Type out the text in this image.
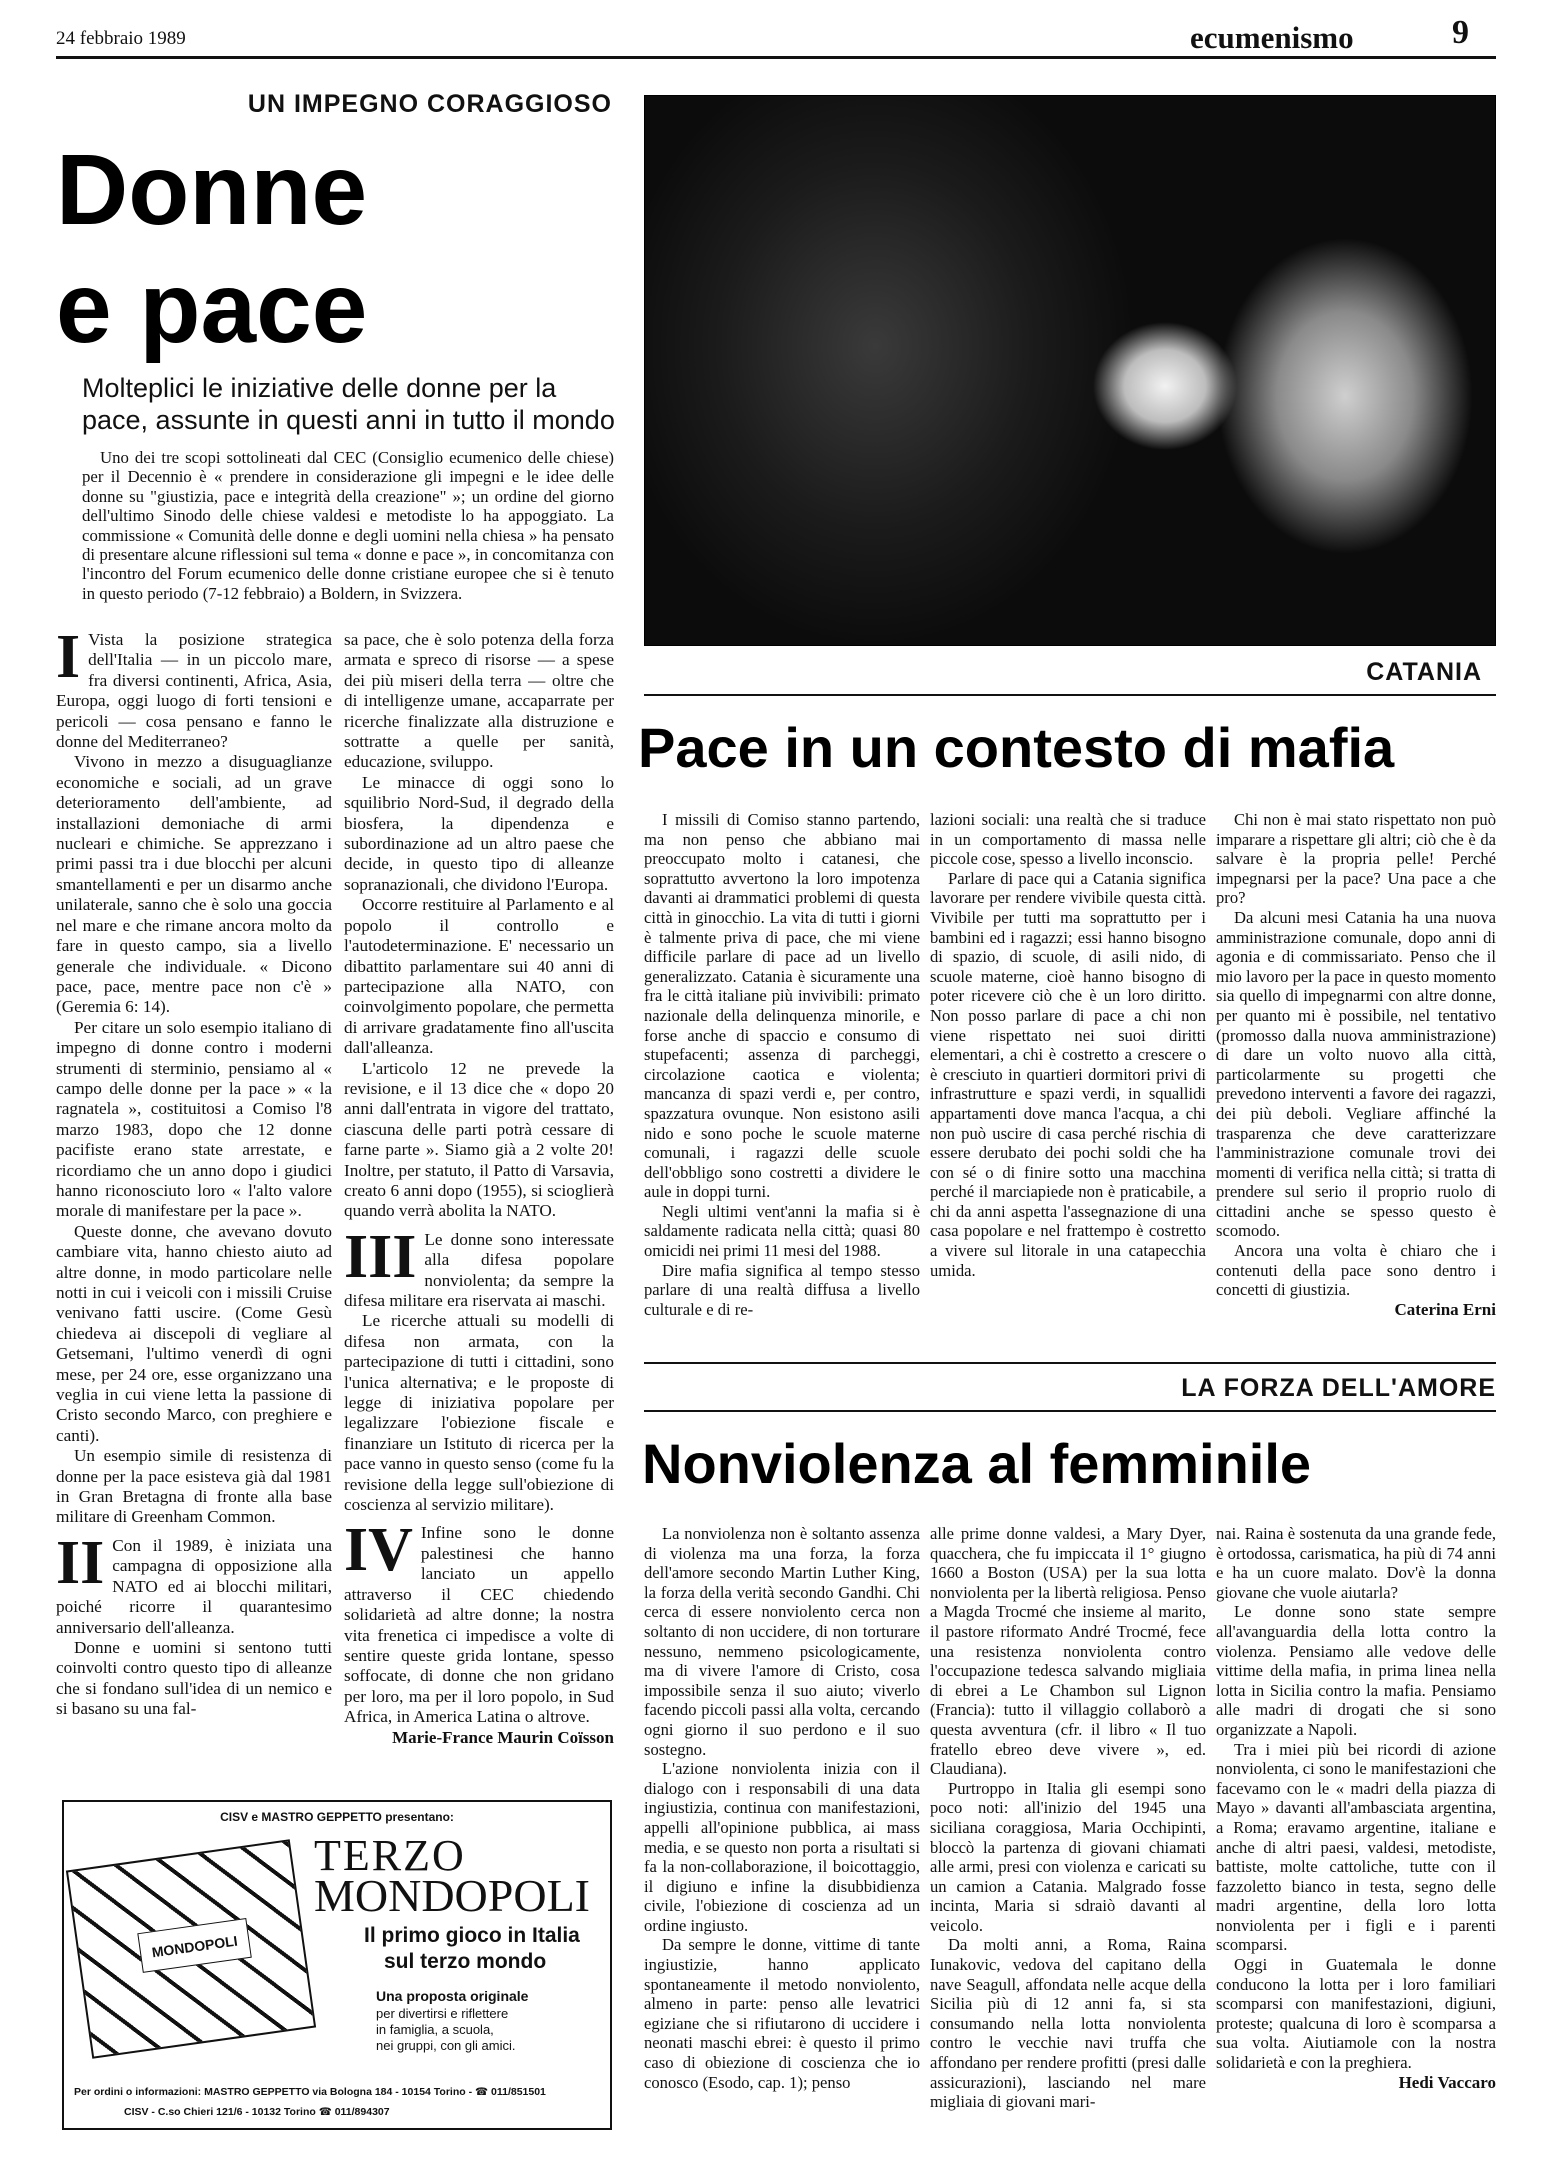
24 febbraio 1989	ecumenismo	9
UN IMPEGNO CORAGGIOSO
Donne
e pace
Molteplici le iniziative delle donne per la pace, assunte in questi anni in tutto il mondo

Uno dei tre scopi sottolineati dal CEC (Consiglio ecumenico delle chiese) per il Decennio è « prendere in considerazione gli impegni e le idee delle donne su "giustizia, pace e integrità della creazione" »; un ordine del giorno dell'ultimo Sinodo delle chiese valdesi e metodiste lo ha appoggiato. La commissione « Comunità delle donne e degli uomini nella chiesa » ha pensato di presentare alcune riflessioni sul tema « donne e pace », in concomitanza con l'incontro del Forum ecumenico delle donne cristiane europee che si è tenuto in questo periodo (7-12 febbraio) a Boldern, in Svizzera.

I Vista la posizione strategica dell'Italia — in un piccolo mare, fra diversi continenti, Africa, Asia, Europa, oggi luogo di forti tensioni e pericoli — cosa pensano e fanno le donne del Mediterraneo?

Vivono in mezzo a disuguaglianze economiche e sociali, ad un grave deterioramento dell'ambiente, ad installazioni demoniache di armi nucleari e chimiche. Se apprezzano i primi passi tra i due blocchi per alcuni smantellamenti e per un disarmo anche unilaterale, sanno che è solo una goccia nel mare e che rimane ancora molto da fare in questo campo, sia a livello generale che individuale. « Dicono pace, pace, mentre pace non c'è » (Geremia 6: 14).

Per citare un solo esempio italiano di impegno di donne contro i moderni strumenti di sterminio, pensiamo al « campo delle donne per la pace » « la ragnatela », costituitosi a Comiso l'8 marzo 1983, dopo che 12 donne pacifiste erano state arrestate, e ricordiamo che un anno dopo i giudici hanno riconosciuto loro « l'alto valore morale di manifestare per la pace ».

Queste donne, che avevano dovuto cambiare vita, hanno chiesto aiuto ad altre donne, in modo particolare nelle notti in cui i veicoli con i missili Cruise venivano fatti uscire. (Come Gesù chiedeva ai discepoli di vegliare al Getsemani, l'ultimo venerdì di ogni mese, per 24 ore, esse organizzano una veglia in cui viene letta la passione di Cristo secondo Marco, con preghiere e canti).

Un esempio simile di resistenza di donne per la pace esisteva già dal 1981 in Gran Bretagna di fronte alla base militare di Greenham Common.

II Con il 1989, è iniziata una campagna di opposizione alla NATO ed ai blocchi militari, poiché ricorre il quarantesimo anniversario dell'alleanza.

Donne e uomini si sentono tutti coinvolti contro questo tipo di alleanze che si fondano sull'idea di un nemico e si basano su una fal-

sa pace, che è solo potenza della forza armata e spreco di risorse — a spese dei più miseri della terra — oltre che di intelligenze umane, accaparrate per ricerche finalizzate alla distruzione e sottratte a quelle per sanità, educazione, sviluppo.

Le minacce di oggi sono lo squilibrio Nord-Sud, il degrado della biosfera, la dipendenza e subordinazione ad un altro paese che decide, in questo tipo di alleanze sopranazionali, che dividono l'Europa.

Occorre restituire al Parlamento e al popolo il controllo e l'autodeterminazione. E' necessario un dibattito parlamentare sui 40 anni di partecipazione alla NATO, con coinvolgimento popolare, che permetta di arrivare gradatamente fino all'uscita dall'alleanza.

L'articolo 12 ne prevede la revisione, e il 13 dice che « dopo 20 anni dall'entrata in vigore del trattato, ciascuna delle parti potrà cessare di farne parte ». Siamo già a 2 volte 20! Inoltre, per statuto, il Patto di Varsavia, creato 6 anni dopo (1955), si scioglierà quando verrà abolita la NATO.

III Le donne sono interessate alla difesa popolare nonviolenta; da sempre la difesa militare era riservata ai maschi.

Le ricerche attuali su modelli di difesa non armata, con la partecipazione di tutti i cittadini, sono l'unica alternativa; e le proposte di legge di iniziativa popolare per legalizzare l'obiezione fiscale e finanziare un Istituto di ricerca per la pace vanno in questo senso (come fu la revisione della legge sull'obiezione di coscienza al servizio militare).

IV Infine sono le donne palestinesi che hanno lanciato un appello attraverso il CEC chiedendo solidarietà ad altre donne; la nostra vita frenetica ci impedisce a volte di sentire queste grida lontane, spesso soffocate, di donne che non gridano per loro, ma per il loro popolo, in Sud Africa, in America Latina o altrove.

Marie-France Maurin Coïsson
CISV e MASTRO GEPPETTO presentano:
TERZO
MONDOPOLI
MONDOPOLI	Il primo gioco in Italia
sul terzo mondo
Una proposta originale
per divertirsi e riflettere
in famiglia, a scuola,
nei gruppi, con gli amici.
Per ordini o informazioni: MASTRO GEPPETTO via Bologna 184 - 10154 Torino - ☎ 011/851501
CISV - C.so Chieri 121/6 - 10132 Torino ☎ 011/894307
CATANIA
Pace in un contesto di mafia

I missili di Comiso stanno partendo, ma non penso che abbiano mai preoccupato molto i catanesi, che soprattutto avvertono la loro impotenza davanti ai drammatici problemi di questa città in ginocchio. La vita di tutti i giorni è talmente priva di pace, che mi viene difficile parlare di pace ad un livello generalizzato. Catania è sicuramente una fra le città italiane più invivibili: primato nazionale della delinquenza minorile, e forse anche di spaccio e consumo di stupefacenti; assenza di parcheggi, circolazione caotica e violenta; mancanza di spazi verdi e, per contro, spazzatura ovunque. Non esistono asili nido e sono poche le scuole materne comunali, i ragazzi delle scuole dell'obbligo sono costretti a dividere le aule in doppi turni.

Negli ultimi vent'anni la mafia si è saldamente radicata nella città; quasi 80 omicidi nei primi 11 mesi del 1988.

Dire mafia significa al tempo stesso parlare di una realtà diffusa a livello culturale e di re-

lazioni sociali: una realtà che si traduce in un comportamento di massa nelle piccole cose, spesso a livello inconscio.

Parlare di pace qui a Catania significa lavorare per rendere vivibile questa città. Vivibile per tutti ma soprattutto per i bambini ed i ragazzi; essi hanno bisogno di spazio, di scuole, di asili nido, di scuole materne, cioè hanno bisogno di poter ricevere ciò che è un loro diritto. Non posso parlare di pace a chi non viene rispettato nei suoi diritti elementari, a chi è costretto a crescere o è cresciuto in quartieri dormitori privi di infrastrutture e spazi verdi, in squallidi appartamenti dove manca l'acqua, a chi non può uscire di casa perché rischia di essere derubato dei pochi soldi che ha con sé o di finire sotto una macchina perché il marciapiede non è praticabile, a chi da anni aspetta l'assegnazione di una casa popolare e nel frattempo è costretto a vivere sul litorale in una catapecchia umida.

Chi non è mai stato rispettato non può imparare a rispettare gli altri; ciò che è da salvare è la propria pelle! Perché impegnarsi per la pace? Una pace a che pro?

Da alcuni mesi Catania ha una nuova amministrazione comunale, dopo anni di agonia e di commissariato. Penso che il mio lavoro per la pace in questo momento sia quello di impegnarmi con altre donne, per quanto mi è possibile, nel tentativo (promosso dalla nuova amministrazione) di dare un volto nuovo alla città, particolarmente su progetti che prevedono interventi a favore dei ragazzi, dei più deboli. Vegliare affinché la trasparenza che deve caratterizzare l'amministrazione comunale trovi dei momenti di verifica nella città; si tratta di prendere sul serio il proprio ruolo di cittadini anche se spesso questo è scomodo.

Ancora una volta è chiaro che i contenuti della pace sono dentro i concetti di giustizia.

Caterina Erni
LA FORZA DELL'AMORE
Nonviolenza al femminile

La nonviolenza non è soltanto assenza di violenza ma una forza, la forza dell'amore secondo Martin Luther King, la forza della verità secondo Gandhi. Chi cerca di essere nonviolento cerca non soltanto di non uccidere, di non torturare nessuno, nemmeno psicologicamente, ma di vivere l'amore di Cristo, cosa impossibile senza il suo aiuto; viverlo facendo piccoli passi alla volta, cercando ogni giorno il suo perdono e il suo sostegno.

L'azione nonviolenta inizia con il dialogo con i responsabili di una data ingiustizia, continua con manifestazioni, appelli all'opinione pubblica, ai mass media, e se questo non porta a risultati si fa la non-collaborazione, il boicottaggio, il digiuno e infine la disubbidienza civile, l'obiezione di coscienza ad un ordine ingiusto.

Da sempre le donne, vittime di tante ingiustizie, hanno applicato spontaneamente il metodo nonviolento, almeno in parte: penso alle levatrici egiziane che si rifiutarono di uccidere i neonati maschi ebrei: è questo il primo caso di obiezione di coscienza che io conosco (Esodo, cap. 1); penso

alle prime donne valdesi, a Mary Dyer, quacchera, che fu impiccata il 1° giugno 1660 a Boston (USA) per la sua lotta nonviolenta per la libertà religiosa. Penso a Magda Trocmé che insieme al marito, il pastore riformato André Trocmé, fece una resistenza nonviolenta contro l'occupazione tedesca salvando migliaia di ebrei a Le Chambon sul Lignon (Francia): tutto il villaggio collaborò a questa avventura (cfr. il libro « Il tuo fratello ebreo deve vivere », ed. Claudiana).

Purtroppo in Italia gli esempi sono poco noti: all'inizio del 1945 una siciliana coraggiosa, Maria Occhipinti, bloccò la partenza di giovani chiamati alle armi, presi con violenza e caricati su un camion a Catania. Malgrado fosse incinta, Maria si sdraiò davanti al veicolo.

Da molti anni, a Roma, Raina Iunakovic, vedova del capitano della nave Seagull, affondata nelle acque della Sicilia più di 12 anni fa, si sta consumando nella lotta nonviolenta contro le vecchie navi truffa che affondano per rendere profitti (presi dalle assicurazioni), lasciando nel mare migliaia di giovani mari-

nai. Raina è sostenuta da una grande fede, è ortodossa, carismatica, ha più di 74 anni e ha un cuore malato. Dov'è la donna giovane che vuole aiutarla?

Le donne sono state sempre all'avanguardia della lotta contro la violenza. Pensiamo alle vedove delle vittime della mafia, in prima linea nella lotta in Sicilia contro la mafia. Pensiamo alle madri di drogati che si sono organizzate a Napoli.

Tra i miei più bei ricordi di azione nonviolenta, ci sono le manifestazioni che facevamo con le « madri della piazza di Mayo » davanti all'ambasciata argentina, a Roma; eravamo argentine, italiane e anche di altri paesi, valdesi, metodiste, battiste, molte cattoliche, tutte con il fazzoletto bianco in testa, segno delle madri argentine, della loro lotta nonviolenta per i figli e i parenti scomparsi.

Oggi in Guatemala le donne conducono la lotta per i loro familiari scomparsi con manifestazioni, digiuni, proteste; qualcuna di loro è scomparsa a sua volta. Aiutiamole con la nostra solidarietà e con la preghiera.

Hedi Vaccaro
